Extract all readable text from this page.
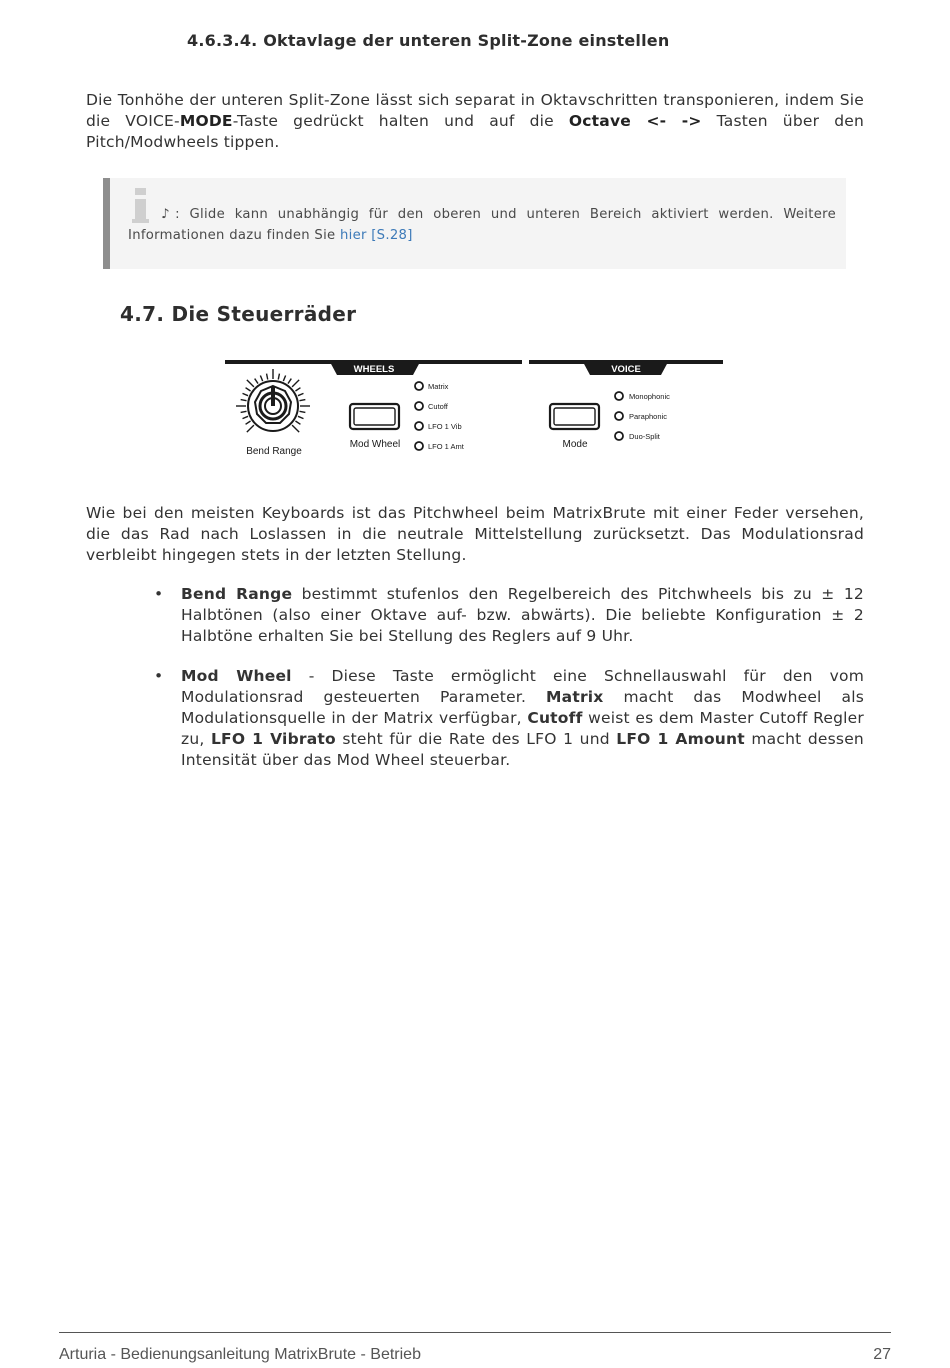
4.6.3.4. Oktavlage der unteren Split-Zone einstellen
Die Tonhöhe der unteren Split-Zone lässt sich separat in Oktavschritten transponieren, indem Sie die VOICE-MODE-Taste gedrückt halten und auf die Octave <- -> Tasten über den Pitch/Modwheels tippen.
♪: Glide kann unabhängig für den oberen und unteren Bereich aktiviert werden. Weitere Informationen dazu finden Sie hier [S.28]
4.7. Die Steuerräder
WHEELS	VOICE
Bend Range
Mod Wheel
Matrix
Cutoff
LFO 1 Vib
LFO 1 Amt	Mode
Monophonic
Paraphonic
Duo-Split
Wie bei den meisten Keyboards ist das Pitchwheel beim MatrixBrute mit einer Feder versehen, die das Rad nach Loslassen in die neutrale Mittelstellung zurücksetzt. Das Modulationsrad verbleibt hingegen stets in der letzten Stellung.
• Bend Range bestimmt stufenlos den Regelbereich des Pitchwheels bis zu ± 12 Halbtönen (also einer Oktave auf- bzw. abwärts). Die beliebte Konfiguration ± 2 Halbtöne erhalten Sie bei Stellung des Reglers auf 9 Uhr.
• Mod Wheel - Diese Taste ermöglicht eine Schnellauswahl für den vom Modulationsrad gesteuerten Parameter. Matrix macht das Modwheel als Modulationsquelle in der Matrix verfügbar, Cutoff weist es dem Master Cutoff Regler zu, LFO 1 Vibrato steht für die Rate des LFO 1 und LFO 1 Amount macht dessen Intensität über das Mod Wheel steuerbar.
Arturia - Bedienungsanleitung MatrixBrute - Betrieb	27
